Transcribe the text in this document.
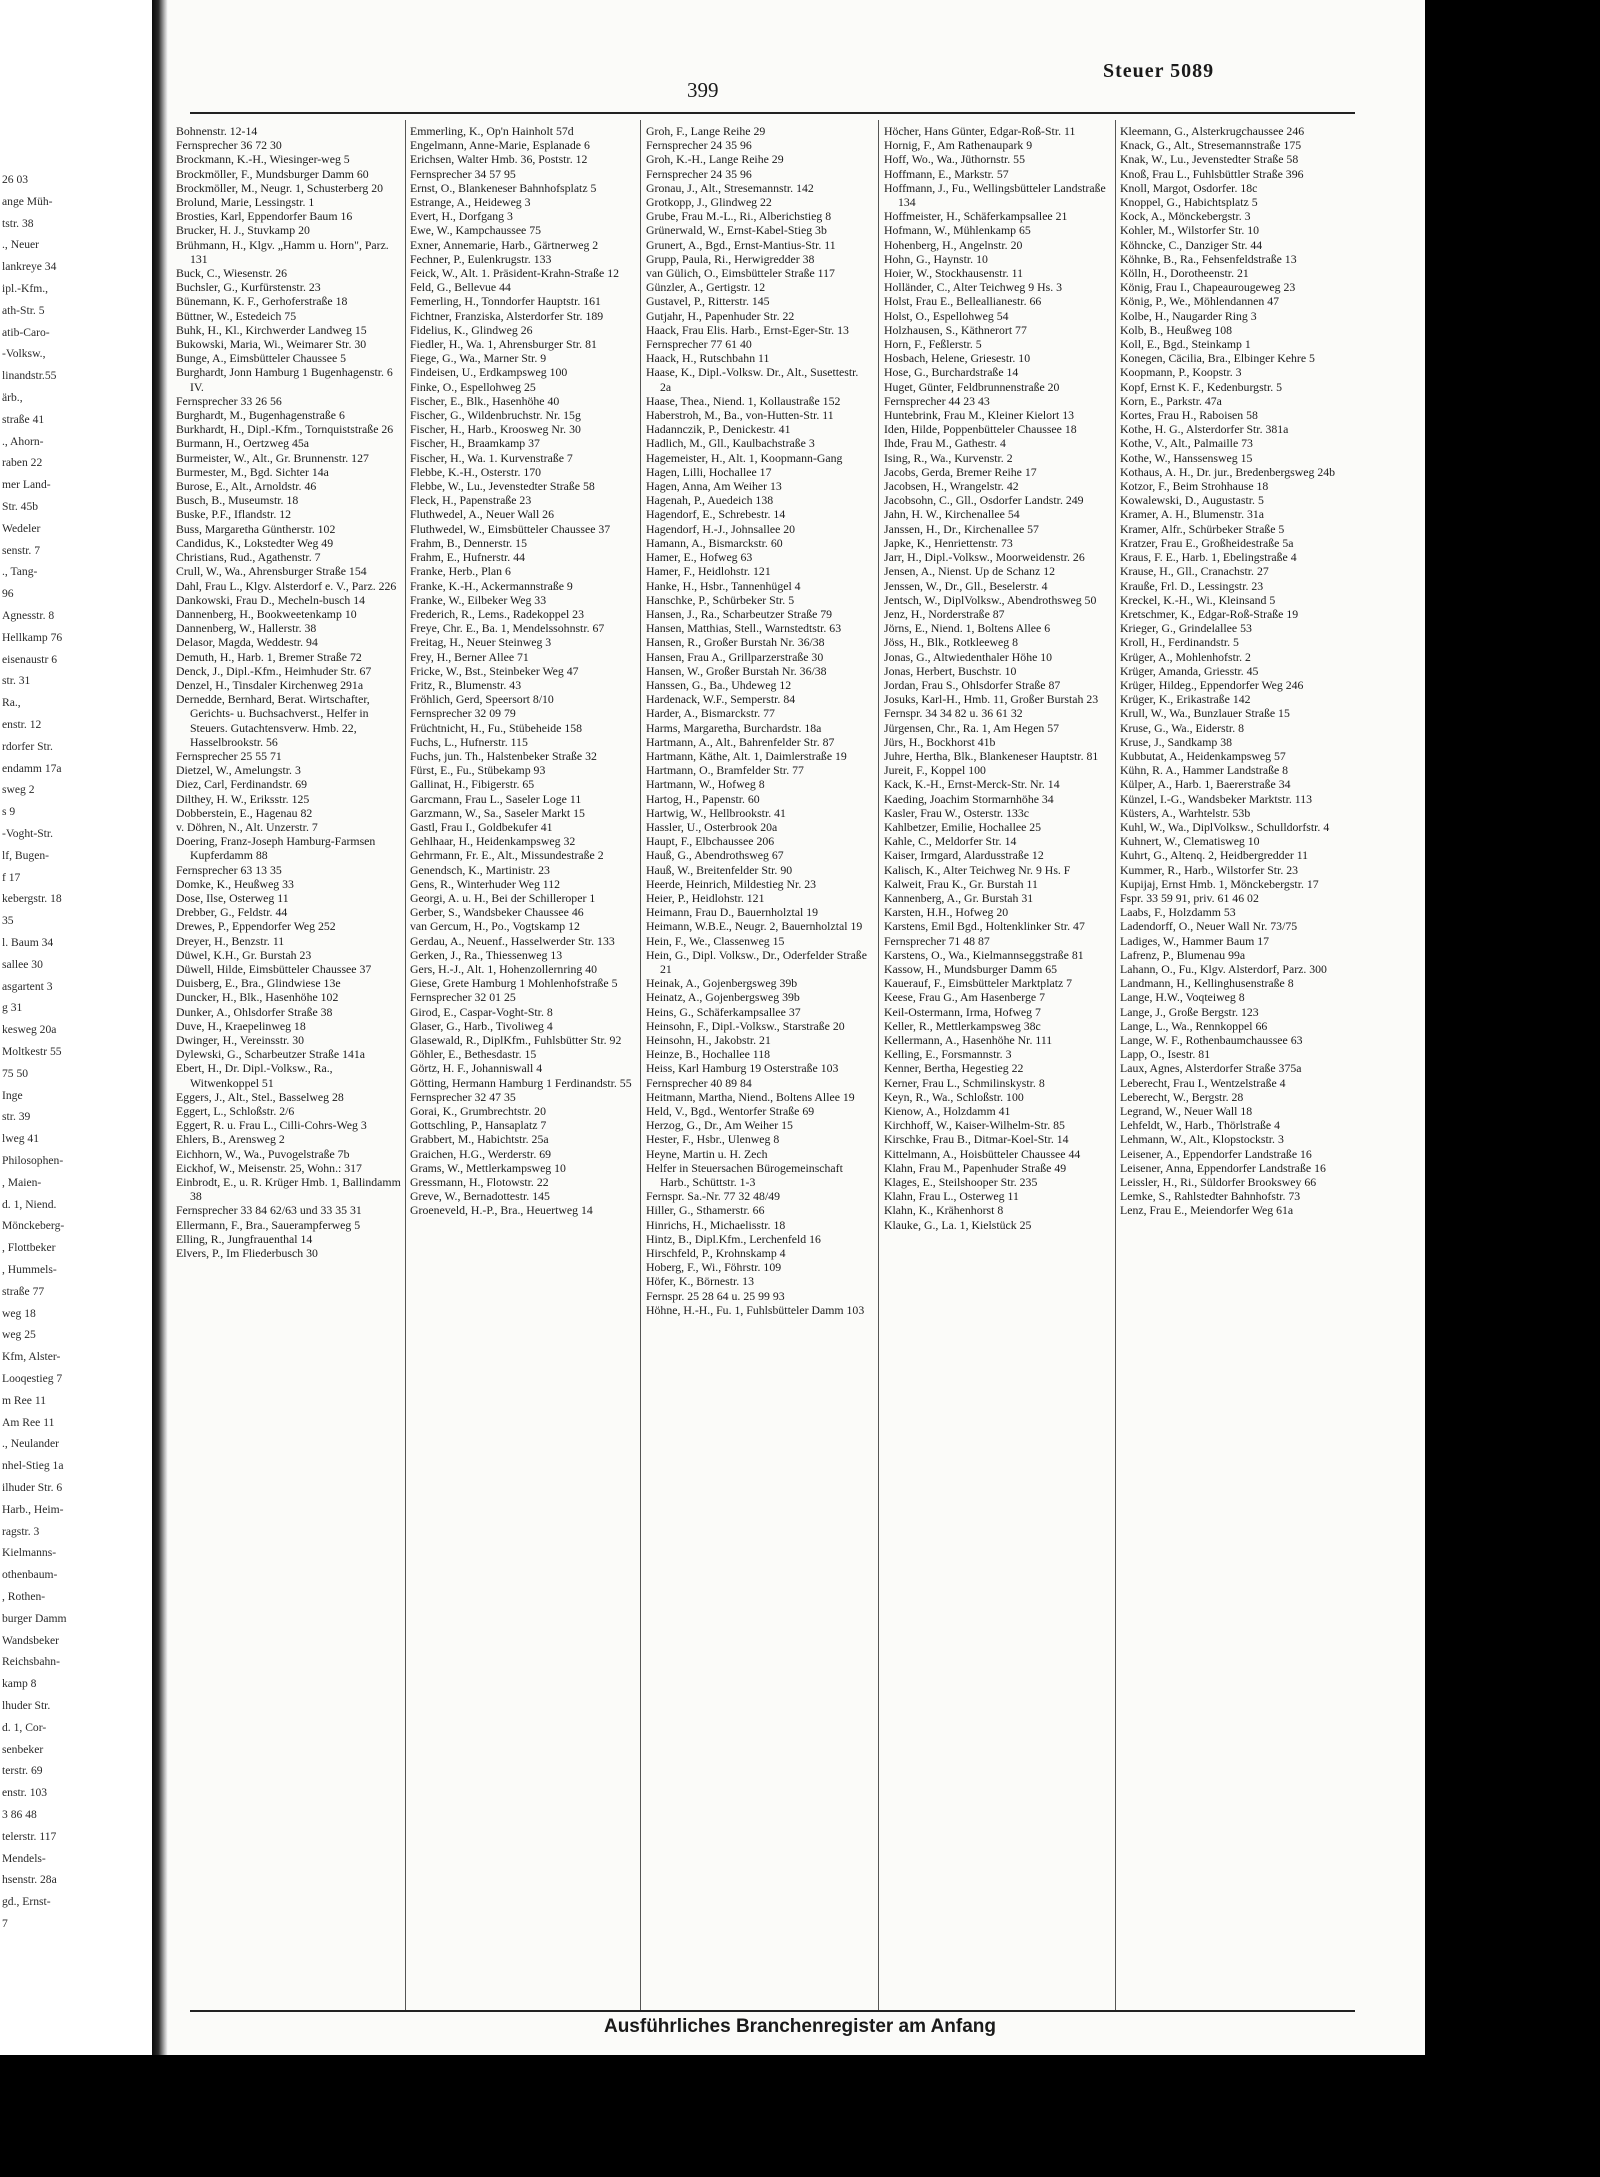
26 03
ange Müh-
tstr. 38
., Neuer
lankreye 34
ipl.-Kfm.,
ath-Str. 5
atib-Caro-
-Volksw.,
linandstr.55
ärb.,
straße 41
., Ahorn-
raben 22
mer Land-
Str. 45b
Wedeler
senstr. 7
., Tang-
96
Agnesstr. 8
Hellkamp 76
eisenaustr 6
str. 31
Ra.,
enstr. 12
rdorfer Str.
endamm 17a
sweg 2
s 9
-Voght-Str.
lf, Bugen-
f 17
kebergstr. 18
35
l. Baum 34
sallee 30
asgartent 3
g 31
kesweg 20a
Moltkestr 55
75 50
Inge
str. 39
lweg 41
Philosophen-
, Maien-
d. 1, Niend.
Mönckeberg-
, Flottbeker
, Hummels-
straße 77
weg 18
weg 25
Kfm, Alster-
Looqestieg 7
m Ree 11
Am Ree 11
., Neulander
nhel-Stieg 1a
ilhuder Str. 6
Harb., Heim-
ragstr. 3
Kielmanns-
othenbaum-
, Rothen-
burger Damm
Wandsbeker
Reichsbahn-
kamp 8
lhuder Str.
d. 1, Cor-
senbeker
terstr. 69
enstr. 103
3 86 48
telerstr. 117
Mendels-
hsenstr. 28a
gd., Ernst-
7
399
Steuer 5089

Bohnenstr. 12-14

Fernsprecher 36 72 30

Brockmann, K.-H., Wiesinger-weg 5

Brockmöller, F., Mundsburger Damm 60

Brockmöller, M., Neugr. 1, Schusterberg 20

Brolund, Marie, Lessingstr. 1

Brosties, Karl, Eppendorfer Baum 16

Brucker, H. J., Stuvkamp 20

Brühmann, H., Klgv. „Hamm u. Horn", Parz. 131

Buck, C., Wiesenstr. 26

Buchsler, G., Kurfürstenstr. 23

Bünemann, K. F., Gerhoferstraße 18

Büttner, W., Estedeich 75

Buhk, H., Kl., Kirchwerder Landweg 15

Bukowski, Maria, Wi., Weimarer Str. 30

Bunge, A., Eimsbütteler Chaussee 5

Burghardt, Jonn Hamburg 1 Bugenhagenstr. 6 IV.

Fernsprecher 33 26 56

Burghardt, M., Bugenhagenstraße 6

Burkhardt, H., Dipl.-Kfm., Tornquiststraße 26

Burmann, H., Oertzweg 45a

Burmeister, W., Alt., Gr. Brunnenstr. 127

Burmester, M., Bgd. Sichter 14a

Burose, E., Alt., Arnoldstr. 46

Busch, B., Museumstr. 18

Buske, P.F., Iflandstr. 12

Buss, Margaretha Güntherstr. 102

Candidus, K., Lokstedter Weg 49

Christians, Rud., Agathenstr. 7

Crull, W., Wa., Ahrensburger Straße 154

Dahl, Frau L., Klgv. Alsterdorf e. V., Parz. 226

Dankowski, Frau D., Mecheln-busch 14

Dannenberg, H., Bookweetenkamp 10

Dannenberg, W., Hallerstr. 38

Delasor, Magda, Weddestr. 94

Demuth, H., Harb. 1, Bremer Straße 72

Denck, J., Dipl.-Kfm., Heimhuder Str. 67

Denzel, H., Tinsdaler Kirchenweg 291a

Dernedde, Bernhard, Berat. Wirtschafter, Gerichts- u. Buchsachverst., Helfer in Steuers. Gutachtensverw. Hmb. 22, Hasselbrookstr. 56

Fernsprecher 25 55 71

Dietzel, W., Amelungstr. 3

Diez, Carl, Ferdinandstr. 69

Dilthey, H. W., Eriksstr. 125

Dobberstein, E., Hagenau 82

v. Döhren, N., Alt. Unzerstr. 7

Doering, Franz-Joseph Hamburg-Farmsen Kupferdamm 88

Fernsprecher 63 13 35

Domke, K., Heußweg 33

Dose, Ilse, Osterweg 11

Drebber, G., Feldstr. 44

Drewes, P., Eppendorfer Weg 252

Dreyer, H., Benzstr. 11

Düwel, K.H., Gr. Burstah 23

Düwell, Hilde, Eimsbütteler Chaussee 37

Duisberg, E., Bra., Glindwiese 13e

Duncker, H., Blk., Hasenhöhe 102

Dunker, A., Ohlsdorfer Straße 38

Duve, H., Kraepelinweg 18

Dwinger, H., Vereinsstr. 30

Dylewski, G., Scharbeutzer Straße 141a

Ebert, H., Dr. Dipl.-Volksw., Ra., Witwenkoppel 51

Eggers, J., Alt., Stel., Basselweg 28

Eggert, L., Schloßstr. 2/6

Eggert, R. u. Frau L., Cilli-Cohrs-Weg 3

Ehlers, B., Arensweg 2

Eichhorn, W., Wa., Puvogelstraße 7b

Eickhof, W., Meisenstr. 25, Wohn.: 317

Einbrodt, E., u. R. Krüger Hmb. 1, Ballindamm 38

Fernsprecher 33 84 62/63 und 33 35 31

Ellermann, F., Bra., Sauerampferweg 5

Elling, R., Jungfrauenthal 14

Elvers, P., Im Fliederbusch 30

Emmerling, K., Op'n Hainholt 57d

Engelmann, Anne-Marie, Esplanade 6

Erichsen, Walter Hmb. 36, Poststr. 12

Fernsprecher 34 57 95

Ernst, O., Blankeneser Bahnhofsplatz 5

Estrange, A., Heideweg 3

Evert, H., Dorfgang 3

Ewe, W., Kampchaussee 75

Exner, Annemarie, Harb., Gärtnerweg 2

Fechner, P., Eulenkrugstr. 133

Feick, W., Alt. 1. Präsident-Krahn-Straße 12

Feld, G., Bellevue 44

Femerling, H., Tonndorfer Hauptstr. 161

Fichtner, Franziska, Alsterdorfer Str. 189

Fidelius, K., Glindweg 26

Fiedler, H., Wa. 1, Ahrensburger Str. 81

Fiege, G., Wa., Marner Str. 9

Findeisen, U., Erdkampsweg 100

Finke, O., Espellohweg 25

Fischer, E., Blk., Hasenhöhe 40

Fischer, G., Wildenbruchstr. Nr. 15g

Fischer, H., Harb., Kroosweg Nr. 30

Fischer, H., Braamkamp 37

Fischer, H., Wa. 1. Kurvenstraße 7

Flebbe, K.-H., Osterstr. 170

Flebbe, W., Lu., Jevenstedter Straße 58

Fleck, H., Papenstraße 23

Fluthwedel, A., Neuer Wall 26

Fluthwedel, W., Eimsbütteler Chaussee 37

Frahm, B., Dennerstr. 15

Frahm, E., Hufnerstr. 44

Franke, Herb., Plan 6

Franke, K.-H., Ackermannstraße 9

Franke, W., Eilbeker Weg 33

Frederich, R., Lems., Radekoppel 23

Freye, Chr. E., Ba. 1, Mendelssohnstr. 67

Freitag, H., Neuer Steinweg 3

Frey, H., Berner Allee 71

Fricke, W., Bst., Steinbeker Weg 47

Fritz, R., Blumenstr. 43

Fröhlich, Gerd, Speersort 8/10

Fernsprecher 32 09 79

Früchtnicht, H., Fu., Stübeheide 158

Fuchs, L., Hufnerstr. 115

Fuchs, jun. Th., Halstenbeker Straße 32

Fürst, E., Fu., Stübekamp 93

Gallinat, H., Fibigerstr. 65

Garcmann, Frau L., Saseler Loge 11

Garzmann, W., Sa., Saseler Markt 15

Gastl, Frau I., Goldbekufer 41

Gehlhaar, H., Heidenkampsweg 32

Gehrmann, Fr. E., Alt., Missundestraße 2

Genendsch, K., Martinistr. 23

Gens, R., Winterhuder Weg 112

Georgi, A. u. H., Bei der Schilleroper 1

Gerber, S., Wandsbeker Chaussee 46

van Gercum, H., Po., Vogtskamp 12

Gerdau, A., Neuenf., Hasselwerder Str. 133

Gerken, J., Ra., Thiessenweg 13

Gers, H.-J., Alt. 1, Hohenzollernring 40

Giese, Grete Hamburg 1 Mohlenhofstraße 5

Fernsprecher 32 01 25

Girod, E., Caspar-Voght-Str. 8

Glaser, G., Harb., Tivoliweg 4

Glasewald, R., DiplKfm., Fuhlsbütter Str. 92

Göhler, E., Bethesdastr. 15

Görtz, H. F., Johanniswall 4

Götting, Hermann Hamburg 1 Ferdinandstr. 55

Fernsprecher 32 47 35

Gorai, K., Grumbrechtstr. 20

Gottschling, P., Hansaplatz 7

Grabbert, M., Habichtstr. 25a

Graichen, H.G., Werderstr. 69

Grams, W., Mettlerkampsweg 10

Gressmann, H., Flotowstr. 22

Greve, W., Bernadottestr. 145

Groeneveld, H.-P., Bra., Heuertweg 14

Groh, F., Lange Reihe 29

Fernsprecher 24 35 96

Groh, K.-H., Lange Reihe 29

Fernsprecher 24 35 96

Gronau, J., Alt., Stresemannstr. 142

Grotkopp, J., Glindweg 22

Grube, Frau M.-L., Ri., Alberichstieg 8

Grünerwald, W., Ernst-Kabel-Stieg 3b

Grunert, A., Bgd., Ernst-Mantius-Str. 11

Grupp, Paula, Ri., Herwigredder 38

van Gülich, O., Eimsbütteler Straße 117

Günzler, A., Gertigstr. 12

Gustavel, P., Ritterstr. 145

Gutjahr, H., Papenhuder Str. 22

Haack, Frau Elis. Harb., Ernst-Eger-Str. 13

Fernsprecher 77 61 40

Haack, H., Rutschbahn 11

Haase, K., Dipl.-Volksw. Dr., Alt., Susettestr. 2a

Haase, Thea., Niend. 1, Kollaustraße 152

Haberstroh, M., Ba., von-Hutten-Str. 11

Hadannczik, P., Denickestr. 41

Hadlich, M., Gll., Kaulbachstraße 3

Hagemeister, H., Alt. 1, Koopmann-Gang

Hagen, Lilli, Hochallee 17

Hagen, Anna, Am Weiher 13

Hagenah, P., Auedeich 138

Hagendorf, E., Schrebestr. 14

Hagendorf, H.-J., Johnsallee 20

Hamann, A., Bismarckstr. 60

Hamer, E., Hofweg 63

Hamer, F., Heidlohstr. 121

Hanke, H., Hsbr., Tannenhügel 4

Hanschke, P., Schürbeker Str. 5

Hansen, J., Ra., Scharbeutzer Straße 79

Hansen, Matthias, Stell., Warnstedtstr. 63

Hansen, R., Großer Burstah Nr. 36/38

Hansen, Frau A., Grillparzerstraße 30

Hansen, W., Großer Burstah Nr. 36/38

Hanssen, G., Ba., Uhdeweg 12

Hardenack, W.F., Semperstr. 84

Harder, A., Bismarckstr. 77

Harms, Margaretha, Burchardstr. 18a

Hartmann, A., Alt., Bahrenfelder Str. 87

Hartmann, Käthe, Alt. 1, Daimlerstraße 19

Hartmann, O., Bramfelder Str. 77

Hartmann, W., Hofweg 8

Hartog, H., Papenstr. 60

Hartwig, W., Hellbrookstr. 41

Hassler, U., Osterbrook 20a

Haupt, F., Elbchaussee 206

Hauß, G., Abendrothsweg 67

Hauß, W., Breitenfelder Str. 90

Heerde, Heinrich, Mildestieg Nr. 23

Heier, P., Heidlohstr. 121

Heimann, Frau D., Bauernholztal 19

Heimann, W.B.E., Neugr. 2, Bauernholztal 19

Hein, F., We., Classenweg 15

Hein, G., Dipl. Volksw., Dr., Oderfelder Straße 21

Heinak, A., Gojenbergsweg 39b

Heinatz, A., Gojenbergsweg 39b

Heins, G., Schäferkampsallee 37

Heinsohn, F., Dipl.-Volksw., Starstraße 20

Heinsohn, H., Jakobstr. 21

Heinze, B., Hochallee 118

Heiss, Karl Hamburg 19 Osterstraße 103

Fernsprecher 40 89 84

Heitmann, Martha, Niend., Boltens Allee 19

Held, V., Bgd., Wentorfer Straße 69

Herzog, G., Dr., Am Weiher 15

Hester, F., Hsbr., Ulenweg 8

Heyne, Martin u. H. Zech

Helfer in Steuersachen Bürogemeinschaft Harb., Schüttstr. 1-3

Fernspr. Sa.-Nr. 77 32 48/49

Hiller, G., Sthamerstr. 66

Hinrichs, H., Michaelisstr. 18

Hintz, B., Dipl.Kfm., Lerchenfeld 16

Hirschfeld, P., Krohnskamp 4

Hoberg, F., Wi., Föhrstr. 109

Höfer, K., Börnestr. 13

Fernspr. 25 28 64 u. 25 99 93

Höhne, H.-H., Fu. 1, Fuhlsbütteler Damm 103

Höcher, Hans Günter, Edgar-Roß-Str. 11

Hornig, F., Am Rathenaupark 9

Hoff, Wo., Wa., Jüthornstr. 55

Hoffmann, E., Markstr. 57

Hoffmann, J., Fu., Wellingsbütteler Landstraße 134

Hoffmeister, H., Schäferkampsallee 21

Hofmann, W., Mühlenkamp 65

Hohenberg, H., Angelnstr. 20

Hohn, G., Haynstr. 10

Hoier, W., Stockhausenstr. 11

Holländer, C., Alter Teichweg 9 Hs. 3

Holst, Frau E., Belleallianestr. 66

Holst, O., Espellohweg 54

Holzhausen, S., Käthnerort 77

Horn, F., Feßlerstr. 5

Hosbach, Helene, Griesestr. 10

Hose, G., Burchardstraße 14

Huget, Günter, Feldbrunnenstraße 20

Fernsprecher 44 23 43

Huntebrink, Frau M., Kleiner Kielort 13

Iden, Hilde, Poppenbütteler Chaussee 18

Ihde, Frau M., Gathestr. 4

Ising, R., Wa., Kurvenstr. 2

Jacobs, Gerda, Bremer Reihe 17

Jacobsen, H., Wrangelstr. 42

Jacobsohn, C., Gll., Osdorfer Landstr. 249

Jahn, H. W., Kirchenallee 54

Janssen, H., Dr., Kirchenallee 57

Japke, K., Henriettenstr. 73

Jarr, H., Dipl.-Volksw., Moorweidenstr. 26

Jensen, A., Nienst. Up de Schanz 12

Jenssen, W., Dr., Gll., Beselerstr. 4

Jentsch, W., DiplVolksw., Abendrothsweg 50

Jenz, H., Norderstraße 87

Jörns, E., Niend. 1, Boltens Allee 6

Jöss, H., Blk., Rotkleeweg 8

Jonas, G., Altwiedenthaler Höhe 10

Jonas, Herbert, Buschstr. 10

Jordan, Frau S., Ohlsdorfer Straße 87

Josuks, Karl-H., Hmb. 11, Großer Burstah 23

Fernspr. 34 34 82 u. 36 61 32

Jürgensen, Chr., Ra. 1, Am Hegen 57

Jürs, H., Bockhorst 41b

Juhre, Hertha, Blk., Blankeneser Hauptstr. 81

Jureit, F., Koppel 100

Kack, K.-H., Ernst-Merck-Str. Nr. 14

Kaeding, Joachim Stormarnhöhe 34

Kasler, Frau W., Osterstr. 133c

Kahlbetzer, Emilie, Hochallee 25

Kahle, C., Meldorfer Str. 14

Kaiser, Irmgard, Alardusstraße 12

Kalisch, K., Alter Teichweg Nr. 9 Hs. F

Kalweit, Frau K., Gr. Burstah 11

Kannenberg, A., Gr. Burstah 31

Karsten, H.H., Hofweg 20

Karstens, Emil Bgd., Holtenklinker Str. 47

Fernsprecher 71 48 87

Karstens, O., Wa., Kielmannseggstraße 81

Kassow, H., Mundsburger Damm 65

Kauerauf, F., Eimsbütteler Marktplatz 7

Keese, Frau G., Am Hasenberge 7

Keil-Ostermann, Irma, Hofweg 7

Keller, R., Mettlerkampsweg 38c

Kellermann, A., Hasenhöhe Nr. 111

Kelling, E., Forsmannstr. 3

Kenner, Bertha, Hegestieg 22

Kerner, Frau L., Schmilinskystr. 8

Keyn, R., Wa., Schloßstr. 100

Kienow, A., Holzdamm 41

Kirchhoff, W., Kaiser-Wilhelm-Str. 85

Kirschke, Frau B., Ditmar-Koel-Str. 14

Kittelmann, A., Hoisbütteler Chaussee 44

Klahn, Frau M., Papenhuder Straße 49

Klages, E., Steilshooper Str. 235

Klahn, Frau L., Osterweg 11

Klahn, K., Krähenhorst 8

Klauke, G., La. 1, Kielstück 25

Kleemann, G., Alsterkrugchaussee 246

Knack, G., Alt., Stresemannstraße 175

Knak, W., Lu., Jevenstedter Straße 58

Knoß, Frau L., Fuhlsbüttler Straße 396

Knoll, Margot, Osdorfer. 18c

Knoppel, G., Habichtsplatz 5

Kock, A., Mönckebergstr. 3

Kohler, M., Wilstorfer Str. 10

Köhncke, C., Danziger Str. 44

Köhnke, B., Ra., Fehsenfeldstraße 13

Kölln, H., Dorotheenstr. 21

König, Frau I., Chapeaurougeweg 23

König, P., We., Möhlendannen 47

Kolbe, H., Naugarder Ring 3

Kolb, B., Heußweg 108

Koll, E., Bgd., Steinkamp 1

Konegen, Cäcilia, Bra., Elbinger Kehre 5

Koopmann, P., Koopstr. 3

Kopf, Ernst K. F., Kedenburgstr. 5

Korn, E., Parkstr. 47a

Kortes, Frau H., Raboisen 58

Kothe, H. G., Alsterdorfer Str. 381a

Kothe, V., Alt., Palmaille 73

Kothe, W., Hanssensweg 15

Kothaus, A. H., Dr. jur., Bredenbergsweg 24b

Kotzor, F., Beim Strohhause 18

Kowalewski, D., Augustastr. 5

Kramer, A. H., Blumenstr. 31a

Kramer, Alfr., Schürbeker Straße 5

Kratzer, Frau E., Großheidestraße 5a

Kraus, F. E., Harb. 1, Ebelingstraße 4

Krause, H., Gll., Cranachstr. 27

Krauße, Frl. D., Lessingstr. 23

Kreckel, K.-H., Wi., Kleinsand 5

Kretschmer, K., Edgar-Roß-Straße 19

Krieger, G., Grindelallee 53

Kroll, H., Ferdinandstr. 5

Krüger, A., Mohlenhofstr. 2

Krüger, Amanda, Griesstr. 45

Krüger, Hildeg., Eppendorfer Weg 246

Krüger, K., Erikastraße 142

Krull, W., Wa., Bunzlauer Straße 15

Kruse, G., Wa., Eiderstr. 8

Kruse, J., Sandkamp 38

Kubbutat, A., Heidenkampsweg 57

Kühn, R. A., Hammer Landstraße 8

Külper, A., Harb. 1, Baererstraße 34

Künzel, I.-G., Wandsbeker Marktstr. 113

Küsters, A., Warhtelstr. 53b

Kuhl, W., Wa., DiplVolksw., Schulldorfstr. 4

Kuhnert, W., Clematisweg 10

Kuhrt, G., Altenq. 2, Heidbergredder 11

Kummer, R., Harb., Wilstorfer Str. 23

Kupijaj, Ernst Hmb. 1, Mönckebergstr. 17

Fspr. 33 59 91, priv. 61 46 02

Laabs, F., Holzdamm 53

Ladendorff, O., Neuer Wall Nr. 73/75

Ladiges, W., Hammer Baum 17

Lafrenz, P., Blumenau 99a

Lahann, O., Fu., Klgv. Alsterdorf, Parz. 300

Landmann, H., Kellinghusenstraße 8

Lange, H.W., Voqteiweg 8

Lange, J., Große Bergstr. 123

Lange, L., Wa., Rennkoppel 66

Lange, W. F., Rothenbaumchaussee 63

Lapp, O., Isestr. 81

Laux, Agnes, Alsterdorfer Straße 375a

Leberecht, Frau I., Wentzelstraße 4

Leberecht, W., Bergstr. 28

Legrand, W., Neuer Wall 18

Lehfeldt, W., Harb., Thörlstraße 4

Lehmann, W., Alt., Klopstockstr. 3

Leisener, A., Eppendorfer Landstraße 16

Leisener, Anna, Eppendorfer Landstraße 16

Leissler, H., Ri., Süldorfer Brookswey 66

Lemke, S., Rahlstedter Bahnhofstr. 73

Lenz, Frau E., Meiendorfer Weg 61a

Ausführliches Branchenregister am Anfang
